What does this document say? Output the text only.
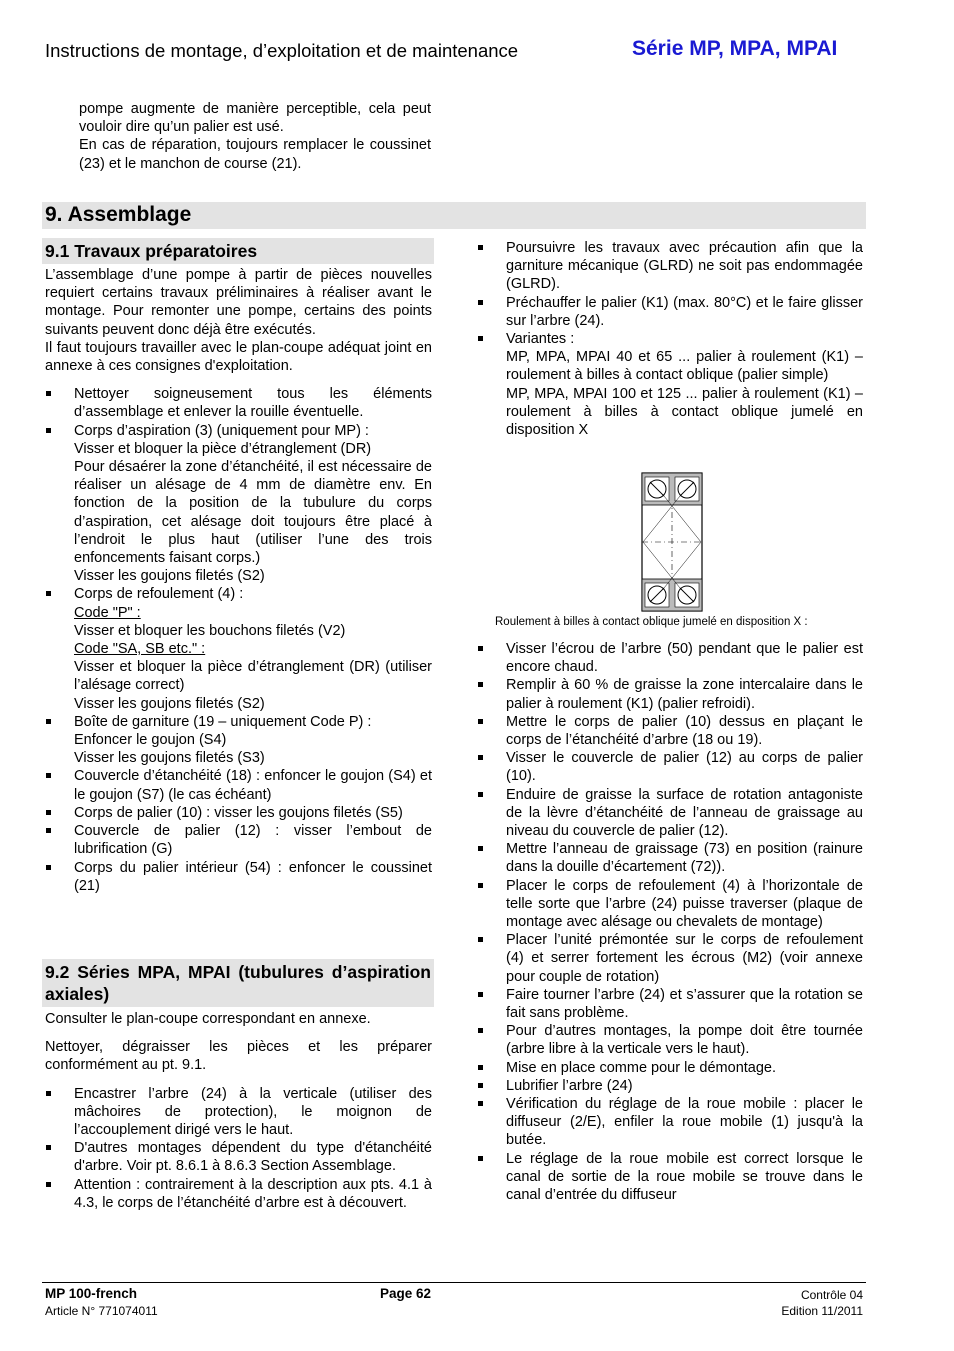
Instructions de montage, d’exploitation et de maintenance	Série MP, MPA, MPAI

pompe augmente de manière perceptible, cela peut vouloir dire qu’un palier est usé.

En cas de réparation, toujours remplacer le coussinet (23) et le manchon de course (21).

9. Assemblage
9.1 Travaux préparatoires

L’assemblage d’une pompe à partir de pièces nouvelles requiert certains travaux préliminaires à réaliser avant le montage. Pour remonter une pompe, certains des points suivants peuvent donc déjà être exécutés.

Il faut toujours travailler avec le plan-coupe adéquat joint en annexe à ces consignes d'exploitation.

Nettoyer soigneusement tous les éléments d’assemblage et enlever la rouille éventuelle.
Corps d’aspiration (3) (uniquement pour MP) :
Visser et bloquer la pièce d’étranglement (DR)
Pour désaérer la zone d’étanchéité, il est nécessaire de réaliser un alésage de 4 mm de diamètre env. En fonction de la position de la tubulure du corps d’aspiration, cet alésage doit toujours être placé à l’endroit le plus haut (utiliser l’une des trois enfoncements faisant corps.)
Visser les goujons filetés (S2)
Corps de refoulement (4) :
Code "P" :
Visser et bloquer les bouchons filetés (V2)
Code "SA, SB etc." :
Visser et bloquer la pièce d’étranglement (DR) (utiliser l’alésage correct)
Visser les goujons filetés (S2)
Boîte de garniture (19 – uniquement Code P) :
Enfoncer le goujon (S4)
Visser les goujons filetés (S3)
Couvercle d’étanchéité (18) : enfoncer le goujon (S4) et le goujon (S7) (le cas échéant)
Corps de palier (10) : visser les goujons filetés (S5)
Couvercle de palier (12) : visser l’embout de lubrification (G)
Corps du palier intérieur (54) : enfoncer le coussinet (21)
9.2 Séries MPA, MPAI (tubulures d’aspiration axiales)

Consulter le plan-coupe correspondant en annexe.

Nettoyer, dégraisser les pièces et les préparer conformément au pt. 9.1.

Encastrer l’arbre (24) à la verticale (utiliser des mâchoires de protection), le moignon de l’accouplement dirigé vers le haut.
D'autres montages dépendent du type d'étanchéité d'arbre. Voir pt. 8.6.1 à 8.6.3 Section Assemblage.
Attention : contrairement à la description aux pts. 4.1 à 4.3, le corps de l’étanchéité d’arbre est à découvert.
Poursuivre les travaux avec précaution afin que la garniture mécanique (GLRD) ne soit pas endommagée (GLRD).
Préchauffer le palier (K1) (max. 80°C) et le faire glisser sur l’arbre (24).
Variantes :
MP, MPA, MPAI 40 et 65 ... palier à roulement (K1) – roulement à billes à contact oblique (palier simple)
MP, MPA, MPAI 100 et 125 ... palier à roulement (K1) – roulement à billes à contact oblique jumelé en disposition X
Roulement à billes à contact oblique jumelé en disposition X :
Visser l’écrou de l’arbre (50) pendant que le palier est encore chaud.
Remplir à 60 % de graisse la zone intercalaire dans le palier à roulement (K1) (palier refroidi).
Mettre le corps de palier (10) dessus en plaçant le corps de l’étanchéité d’arbre (18 ou 19).
Visser le couvercle de palier (12) au corps de palier (10).
Enduire de graisse la surface de rotation antagoniste de la lèvre d’étanchéité de l’anneau de graissage au niveau du couvercle de palier (12).
Mettre l’anneau de graissage (73) en position (rainure dans la douille d’écartement (72)).
Placer le corps de refoulement (4) à l’horizontale de telle sorte que l’arbre (24) puisse traverser (plaque de montage avec alésage ou chevalets de montage)
Placer l’unité prémontée sur le corps de refoulement (4) et serrer fortement les écrous (M2) (voir annexe pour couple de rotation)
Faire tourner l’arbre (24) et s’assurer que la rotation se fait sans problème.
Pour d’autres montages, la pompe doit être tournée (arbre libre à la verticale vers le haut).
Mise en place comme pour le démontage.
Lubrifier l’arbre (24)
Vérification du réglage de la roue mobile : placer le diffuseur (2/E), enfiler la roue mobile (1) jusqu'à la butée.
Le réglage de la roue mobile est correct lorsque le canal de sortie de la roue mobile se trouve dans le canal d’entrée du diffuseur
MP 100-french
Article N° 771074011
Page 62	Contrôle 04
Edition 11/2011
